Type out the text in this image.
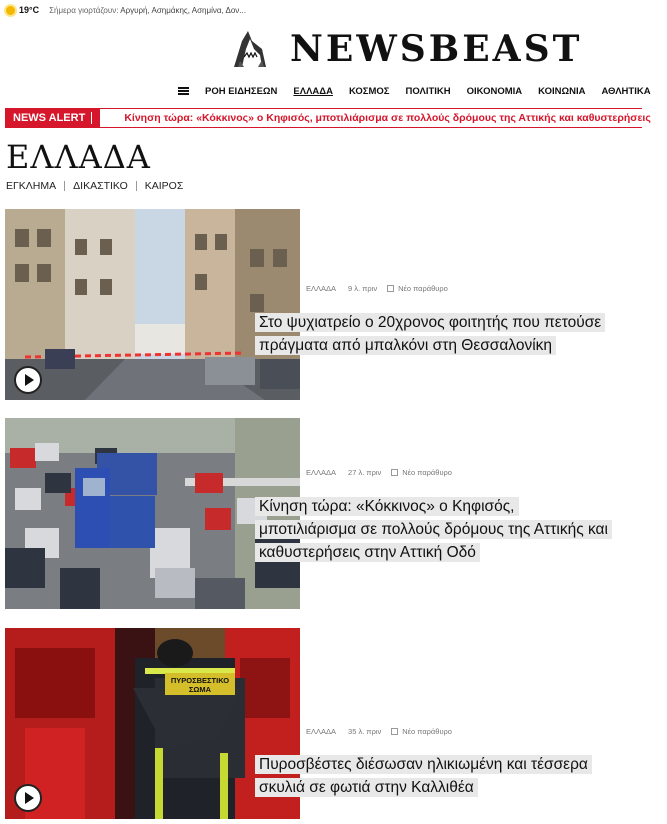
19°C Σήμερα γιορτάζουν: Αργυρή, Ασημάκης, Ασημίνα, Δον...
NEWSBEAST
ΡΟΗ ΕΙΔΗΣΕΩΝ ΕΛΛΑΔΑ ΚΟΣΜΟΣ ΠΟΛΙΤΙΚΗ ΟΙΚΟΝΟΜΙΑ ΚΟΙΝΩΝΙΑ ΑΘΛΗΤΙΚΑ
NEWS ALERT	Κίνηση τώρα: «Κόκκινος» ο Κηφισός, μποτιλιάρισμα σε πολλούς δρόμους της Αττικής και καθυστερήσεις
ΕΛΛΑΔΑ
ΕΓΚΛΗΜΑ ΔΙΚΑΣΤΙΚΟ ΚΑΙΡΟΣ
ΕΛΛΑΔΑ 9 λ. πριν	Νέο παράθυρο
Στο ψυχιατρείο ο 20χρονος φοιτητής που πετούσε πράγματα από μπαλκόνι στη Θεσσαλονίκη
ΕΛΛΑΔΑ 27 λ. πριν	Νέο παράθυρο
Κίνηση τώρα: «Κόκκινος» ο Κηφισός, μποτιλιάρισμα σε πολλούς δρόμους της Αττικής και καθυστερήσεις στην Αττική Οδό
ΠΥΡΟΣΒΕΣΤΙΚΟ
ΣΩΜΑ
ΕΛΛΑΔΑ 35 λ. πριν	Νέο παράθυρο
Πυροσβέστες διέσωσαν ηλικιωμένη και τέσσερα σκυλιά σε φωτιά στην Καλλιθέα
